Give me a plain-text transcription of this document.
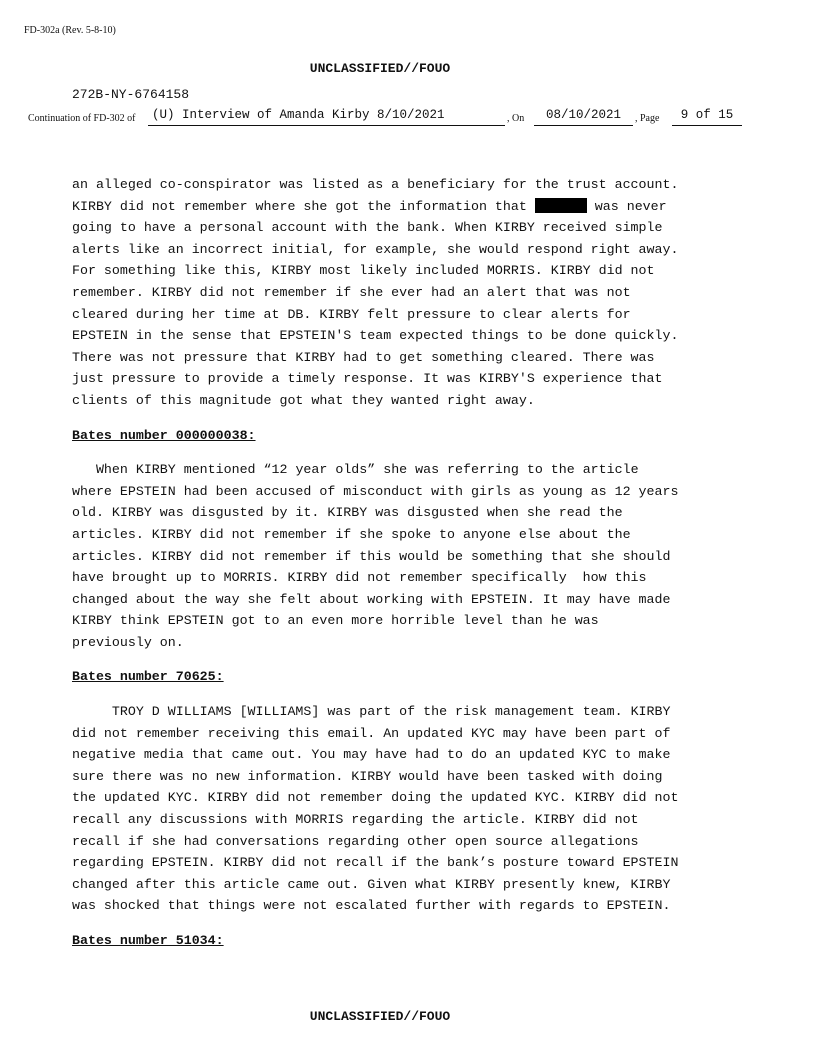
FD-302a (Rev. 5-8-10)
UNCLASSIFIED//FOUO
272B-NY-6764158
Continuation of FD-302 of	(U) Interview of Amanda Kirby 8/10/2021	, On	08/10/2021	, Page	9 of 15

an alleged co-conspirator was listed as a beneficiary for the trust account.
KIRBY did not remember where she got the information that	was never
going to have a personal account with the bank. When KIRBY received simple
alerts like an incorrect initial, for example, she would respond right away.
For something like this, KIRBY most likely included MORRIS. KIRBY did not
remember. KIRBY did not remember if she ever had an alert that was not
cleared during her time at DB. KIRBY felt pressure to clear alerts for
EPSTEIN in the sense that EPSTEIN'S team expected things to be done quickly.
There was not pressure that KIRBY had to get something cleared. There was
just pressure to provide a timely response. It was KIRBY'S experience that
clients of this magnitude got what they wanted right away.

Bates number 000000038:

When KIRBY mentioned “12 year olds” she was referring to the article
where EPSTEIN had been accused of misconduct with girls as young as 12 years
old. KIRBY was disgusted by it. KIRBY was disgusted when she read the
articles. KIRBY did not remember if she spoke to anyone else about the
articles. KIRBY did not remember if this would be something that she should
have brought up to MORRIS. KIRBY did not remember specifically  how this
changed about the way she felt about working with EPSTEIN. It may have made
KIRBY think EPSTEIN got to an even more horrible level than he was
previously on.

Bates number 70625:

TROY D WILLIAMS [WILLIAMS] was part of the risk management team. KIRBY
did not remember receiving this email. An updated KYC may have been part of
negative media that came out. You may have had to do an updated KYC to make
sure there was no new information. KIRBY would have been tasked with doing
the updated KYC. KIRBY did not remember doing the updated KYC. KIRBY did not
recall any discussions with MORRIS regarding the article. KIRBY did not
recall if she had conversations regarding other open source allegations
regarding EPSTEIN. KIRBY did not recall if the bank’s posture toward EPSTEIN
changed after this article came out. Given what KIRBY presently knew, KIRBY
was shocked that things were not escalated further with regards to EPSTEIN.

Bates number 51034:

UNCLASSIFIED//FOUO
